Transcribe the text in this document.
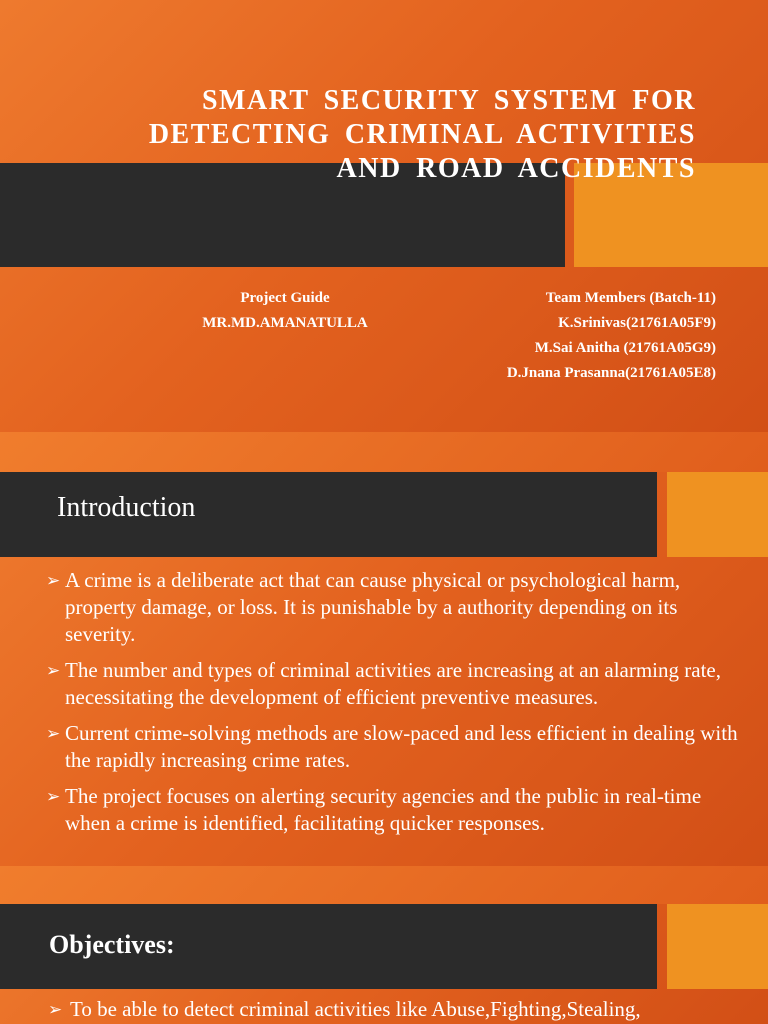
SMART SECURITY SYSTEM FOR DETECTING CRIMINAL ACTIVITIES AND ROAD ACCIDENTS
Project Guide
MR.MD.AMANATULLA
Team Members (Batch-11)
K.Srinivas(21761A05F9)
M.Sai Anitha (21761A05G9)
D.Jnana Prasanna(21761A05E8)
Introduction
➢ A crime is a deliberate act that can cause physical or psychological harm, property damage, or loss. It is punishable by a authority depending on its severity.
➢ The number and types of criminal activities are increasing at an alarming rate, necessitating the development of efficient preventive measures.
➢ Current crime-solving methods are slow-paced and less efficient in dealing with the rapidly increasing crime rates.
➢ The project focuses on alerting security agencies and the public in real-time when a crime is identified, facilitating quicker responses.
Objectives:
➢ To be able to detect criminal activities like Abuse,Fighting,Stealing,
